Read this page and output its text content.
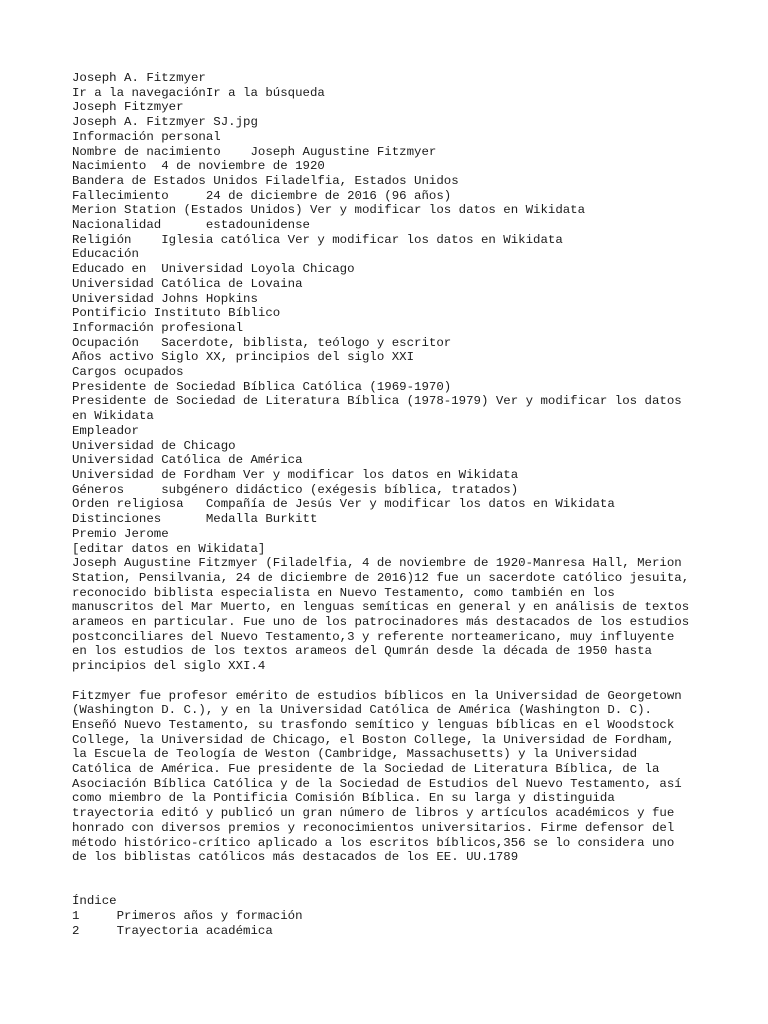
Joseph A. Fitzmyer
Ir a la navegaciónIr a la búsqueda
Joseph Fitzmyer
Joseph A. Fitzmyer SJ.jpg
Información personal
Nombre de nacimiento    Joseph Augustine Fitzmyer
Nacimiento  4 de noviembre de 1920
Bandera de Estados Unidos Filadelfia, Estados Unidos
Fallecimiento     24 de diciembre de 2016 (96 años)
Merion Station (Estados Unidos) Ver y modificar los datos en Wikidata
Nacionalidad      estadounidense
Religión    Iglesia católica Ver y modificar los datos en Wikidata
Educación
Educado en  Universidad Loyola Chicago
Universidad Católica de Lovaina
Universidad Johns Hopkins
Pontificio Instituto Bíblico
Información profesional
Ocupación   Sacerdote, biblista, teólogo y escritor
Años activo Siglo XX, principios del siglo XXI
Cargos ocupados
Presidente de Sociedad Bíblica Católica (1969-1970)
Presidente de Sociedad de Literatura Bíblica (1978-1979) Ver y modificar los datos
en Wikidata
Empleador
Universidad de Chicago
Universidad Católica de América
Universidad de Fordham Ver y modificar los datos en Wikidata
Géneros     subgénero didáctico (exégesis bíblica, tratados)
Orden religiosa   Compañía de Jesús Ver y modificar los datos en Wikidata
Distinciones      Medalla Burkitt
Premio Jerome
[editar datos en Wikidata]
Joseph Augustine Fitzmyer (Filadelfia, 4 de noviembre de 1920-Manresa Hall, Merion
Station, Pensilvania, 24 de diciembre de 2016)12 fue un sacerdote católico jesuita,
reconocido biblista especialista en Nuevo Testamento, como también en los
manuscritos del Mar Muerto, en lenguas semíticas en general y en análisis de textos
arameos en particular. Fue uno de los patrocinadores más destacados de los estudios
postconciliares del Nuevo Testamento,3 y referente norteamericano, muy influyente
en los estudios de los textos arameos del Qumrán desde la década de 1950 hasta
principios del siglo XXI.4
Fitzmyer fue profesor emérito de estudios bíblicos en la Universidad de Georgetown
(Washington D. C.), y en la Universidad Católica de América (Washington D. C).
Enseñó Nuevo Testamento, su trasfondo semítico y lenguas bíblicas en el Woodstock
College, la Universidad de Chicago, el Boston College, la Universidad de Fordham,
la Escuela de Teología de Weston (Cambridge, Massachusetts) y la Universidad
Católica de América. Fue presidente de la Sociedad de Literatura Bíblica, de la
Asociación Bíblica Católica y de la Sociedad de Estudios del Nuevo Testamento, así
como miembro de la Pontificia Comisión Bíblica. En su larga y distinguida
trayectoria editó y publicó un gran número de libros y artículos académicos y fue
honrado con diversos premios y reconocimientos universitarios. Firme defensor del
método histórico-crítico aplicado a los escritos bíblicos,356 se lo considera uno
de los biblistas católicos más destacados de los EE. UU.1789
Índice
1     Primeros años y formación
2     Trayectoria académica
